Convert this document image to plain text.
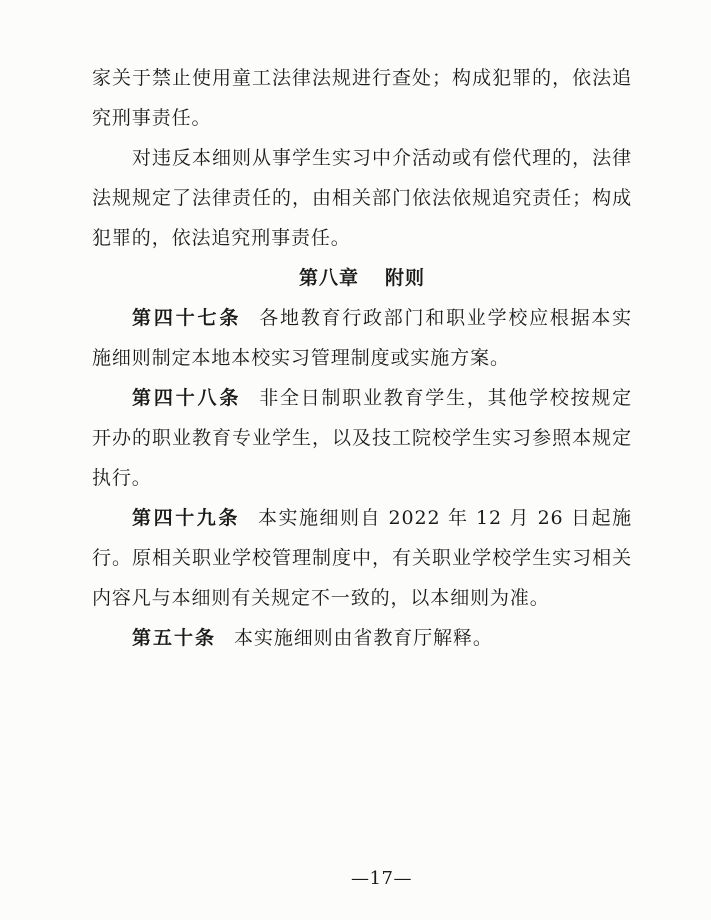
家关于禁止使用童工法律法规进行查处；构成犯罪的，依法追究刑事责任。

对违反本细则从事学生实习中介活动或有偿代理的，法律法规规定了法律责任的，由相关部门依法依规追究责任；构成犯罪的，依法追究刑事责任。

第八章 附则

第四十七条 各地教育行政部门和职业学校应根据本实施细则制定本地本校实习管理制度或实施方案。

第四十八条 非全日制职业教育学生，其他学校按规定开办的职业教育专业学生，以及技工院校学生实习参照本规定执行。

第四十九条 本实施细则自 2022 年 12 月 26 日起施行。原相关职业学校管理制度中，有关职业学校学生实习相关内容凡与本细则有关规定不一致的，以本细则为准。

第五十条 本实施细则由省教育厅解释。

—17—
